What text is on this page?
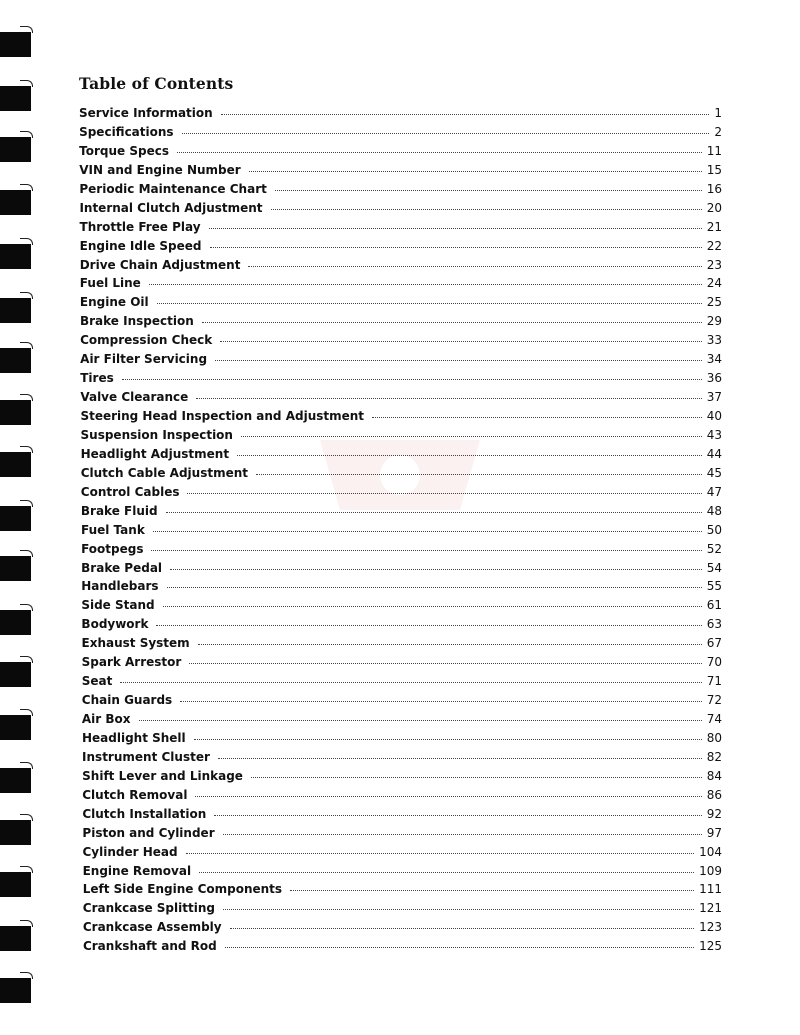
Table of Contents
Service Information	1
Specifications	2
Torque Specs	11
VIN and Engine Number	15
Periodic Maintenance Chart	16
Internal Clutch Adjustment	20
Throttle Free Play	21
Engine Idle Speed	22
Drive Chain Adjustment	23
Fuel Line	24
Engine Oil	25
Brake Inspection	29
Compression Check	33
Air Filter Servicing	34
Tires	36
Valve Clearance	37
Steering Head Inspection and Adjustment	40
Suspension Inspection	43
Headlight Adjustment	44
Clutch Cable Adjustment	45
Control Cables	47
Brake Fluid	48
Fuel Tank	50
Footpegs	52
Brake Pedal	54
Handlebars	55
Side Stand	61
Bodywork	63
Exhaust System	67
Spark Arrestor	70
Seat	71
Chain Guards	72
Air Box	74
Headlight Shell	80
Instrument Cluster	82
Shift Lever and Linkage	84
Clutch Removal	86
Clutch Installation	92
Piston and Cylinder	97
Cylinder Head	104
Engine Removal	109
Left Side Engine Components	111
Crankcase Splitting	121
Crankcase Assembly	123
Crankshaft and Rod	125
